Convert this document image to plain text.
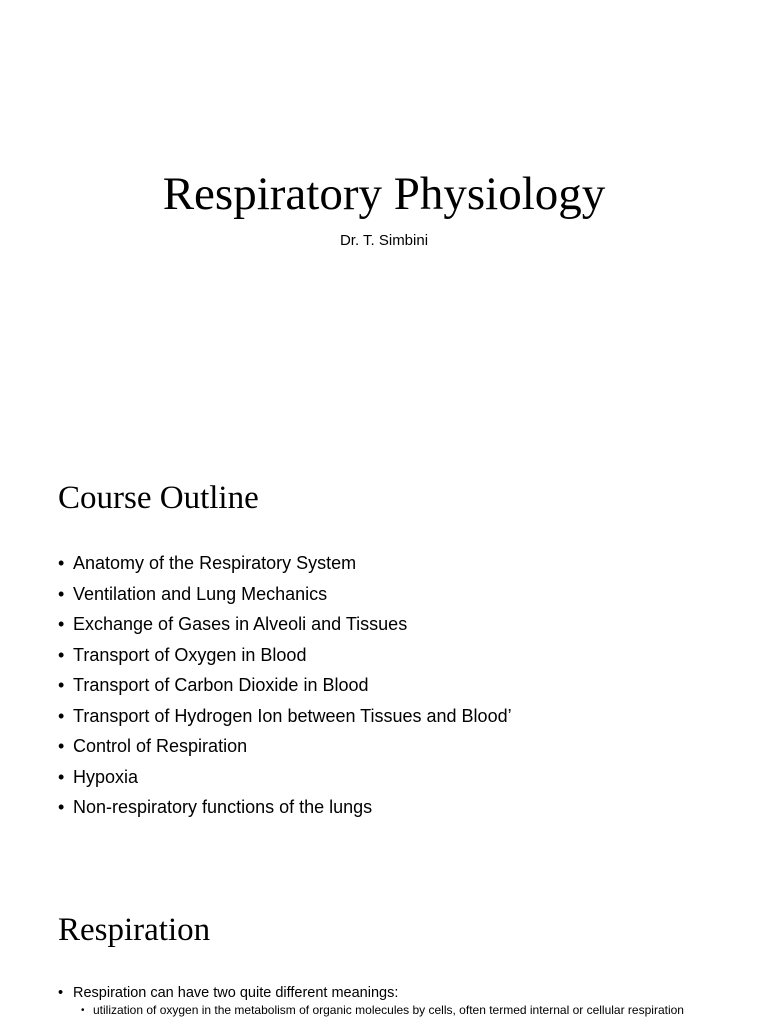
Respiratory Physiology

Dr. T. Simbini

Course Outline
• Anatomy of the Respiratory System
• Ventilation and Lung Mechanics
• Exchange of Gases in Alveoli and Tissues
• Transport of Oxygen in Blood
• Transport of Carbon Dioxide in Blood
• Transport of Hydrogen Ion between Tissues and Blood’
• Control of Respiration
• Hypoxia
• Non-respiratory functions of the lungs
Respiration
• Respiration can have two quite different meanings:
• utilization of oxygen in the metabolism of organic molecules by cells, often termed internal or cellular respiration
